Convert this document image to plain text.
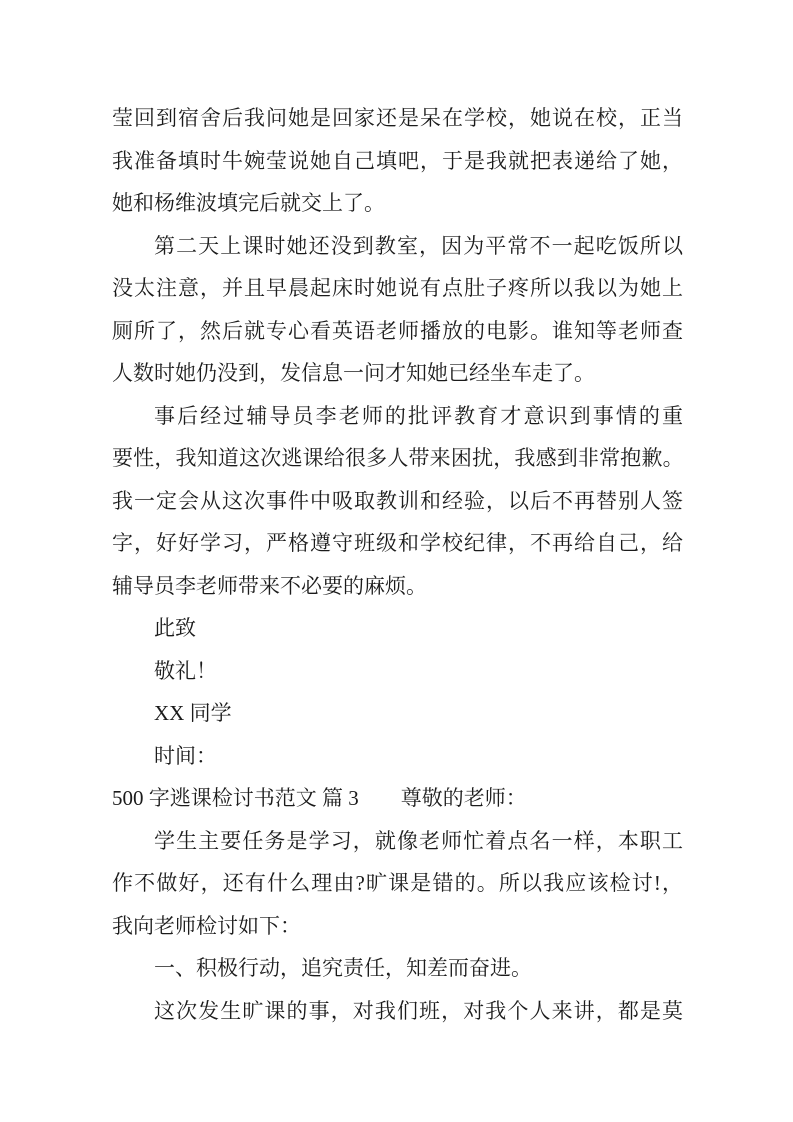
莹回到宿舍后我问她是回家还是呆在学校，她说在校，正当
我准备填时牛婉莹说她自己填吧，于是我就把表递给了她，
她和杨维波填完后就交上了。
第二天上课时她还没到教室，因为平常不一起吃饭所以
没太注意，并且早晨起床时她说有点肚子疼所以我以为她上
厕所了，然后就专心看英语老师播放的电影。谁知等老师查
人数时她仍没到，发信息一问才知她已经坐车走了。
事后经过辅导员李老师的批评教育才意识到事情的重
要性，我知道这次逃课给很多人带来困扰，我感到非常抱歉。
我一定会从这次事件中吸取教训和经验，以后不再替别人签
字，好好学习，严格遵守班级和学校纪律，不再给自己，给
辅导员李老师带来不必要的麻烦。
此致
敬礼！
XX 同学
时间：
500 字逃课检讨书范文 篇 3　　尊敬的老师：
学生主要任务是学习，就像老师忙着点名一样，本职工
作不做好，还有什么理由?旷课是错的。所以我应该检讨!，
我向老师检讨如下：
一、积极行动，追究责任，知差而奋进。
这次发生旷课的事，对我们班，对我个人来讲，都是莫
